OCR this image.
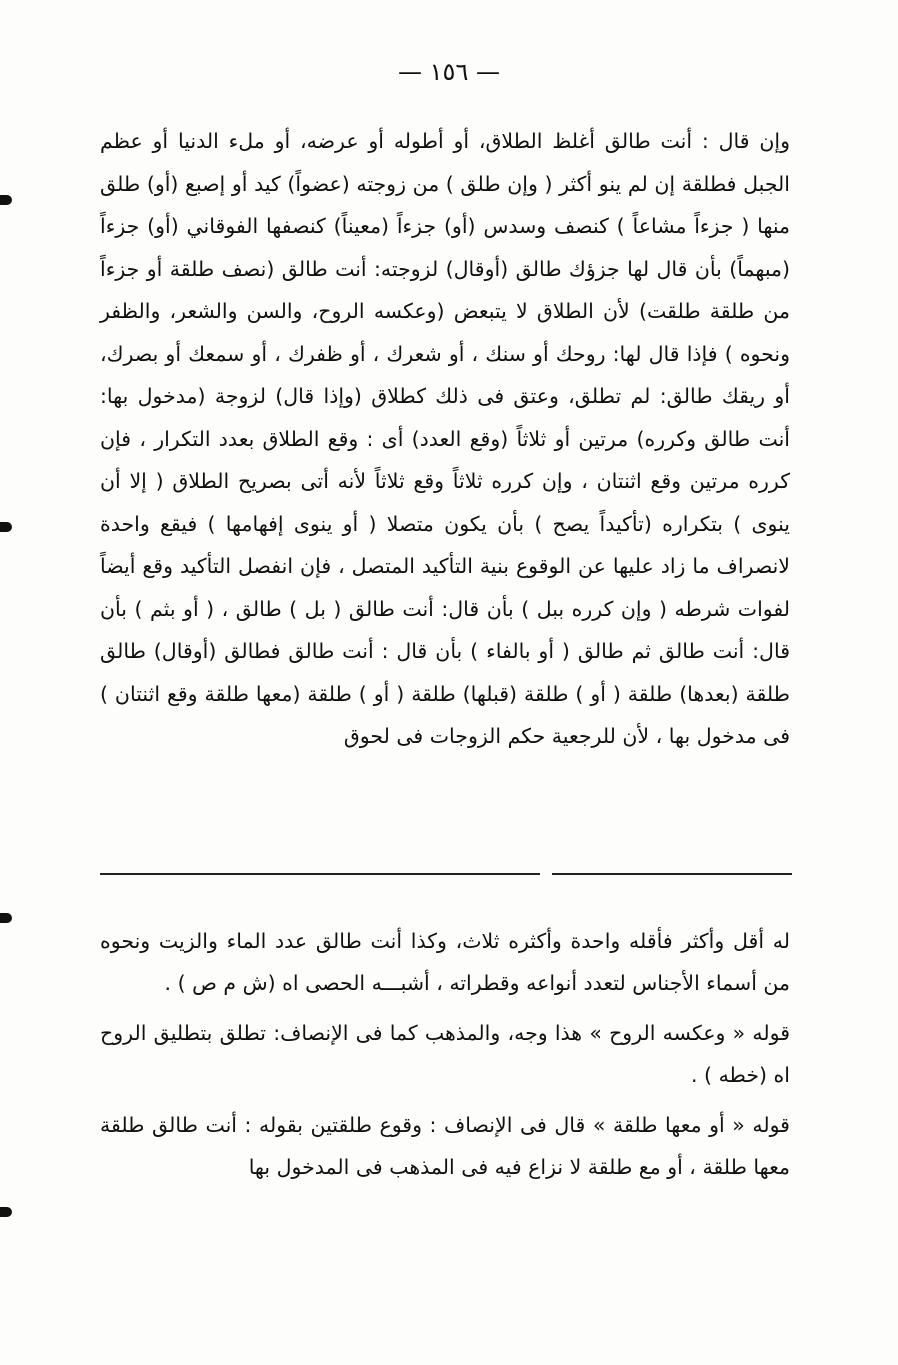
— ١٥٦ —

وإن قال : أنت طالق أغلظ الطلاق، أو أطوله أو عرضه، أو ملء الدنيا أو عظم الجبل فطلقة إن لم ينو أكثر ( وإن طلق ) من زوجته (عضواً) كيد أو إصبع (أو) طلق منها ( جزءاً مشاعاً ) كنصف وسدس (أو) جزءاً (معيناً) كنصفها الفوقاني (أو) جزءاً (مبهماً) بأن قال لها جزؤك طالق (أوقال) لزوجته: أنت طالق (نصف طلقة أو جزءاً من طلقة طلقت) لأن الطلاق لا يتبعض (وعكسه الروح، والسن والشعر، والظفر ونحوه ) فإذا قال لها: روحك أو سنك ، أو شعرك ، أو ظفرك ، أو سمعك أو بصرك، أو ريقك طالق: لم تطلق، وعتق فى ذلك كطلاق (وإذا قال) لزوجة (مدخول بها: أنت طالق وكرره) مرتين أو ثلاثاً (وقع العدد) أى : وقع الطلاق بعدد التكرار ، فإن كرره مرتين وقع اثنتان ، وإن كرره ثلاثاً وقع ثلاثاً لأنه أتى بصريح الطلاق ( إلا أن ينوى ) بتكراره (تأكيداً يصح ) بأن يكون متصلا ( أو ينوى إفهامها ) فيقع واحدة لانصراف ما زاد عليها عن الوقوع بنية التأكيد المتصل ، فإن انفصل التأكيد وقع أيضاً لفوات شرطه ( وإن كرره ببل ) بأن قال: أنت طالق ( بل ) طالق ، ( أو بثم ) بأن قال: أنت طالق ثم طالق ( أو بالفاء ) بأن قال : أنت طالق فطالق (أوقال) طالق طلقة (بعدها) طلقة ( أو ) طلقة (قبلها) طلقة ( أو ) طلقة (معها طلقة وقع اثنتان ) فى مدخول بها ، لأن للرجعية حكم الزوجات فى لحوق

له أقل وأكثر فأقله واحدة وأكثره ثلاث، وكذا أنت طالق عدد الماء والزيت ونحوه من أسماء الأجناس لتعدد أنواعه وقطراته ، أشبـــه الحصى اه (ش م ص ) .

قوله « وعكسه الروح » هذا وجه، والمذهب كما فى الإنصاف: تطلق بتطليق الروح اه (خطه ) .

قوله « أو معها طلقة » قال فى الإنصاف : وقوع طلقتين بقوله : أنت طالق طلقة معها طلقة ، أو مع طلقة لا نزاع فيه فى المذهب فى المدخول بها
